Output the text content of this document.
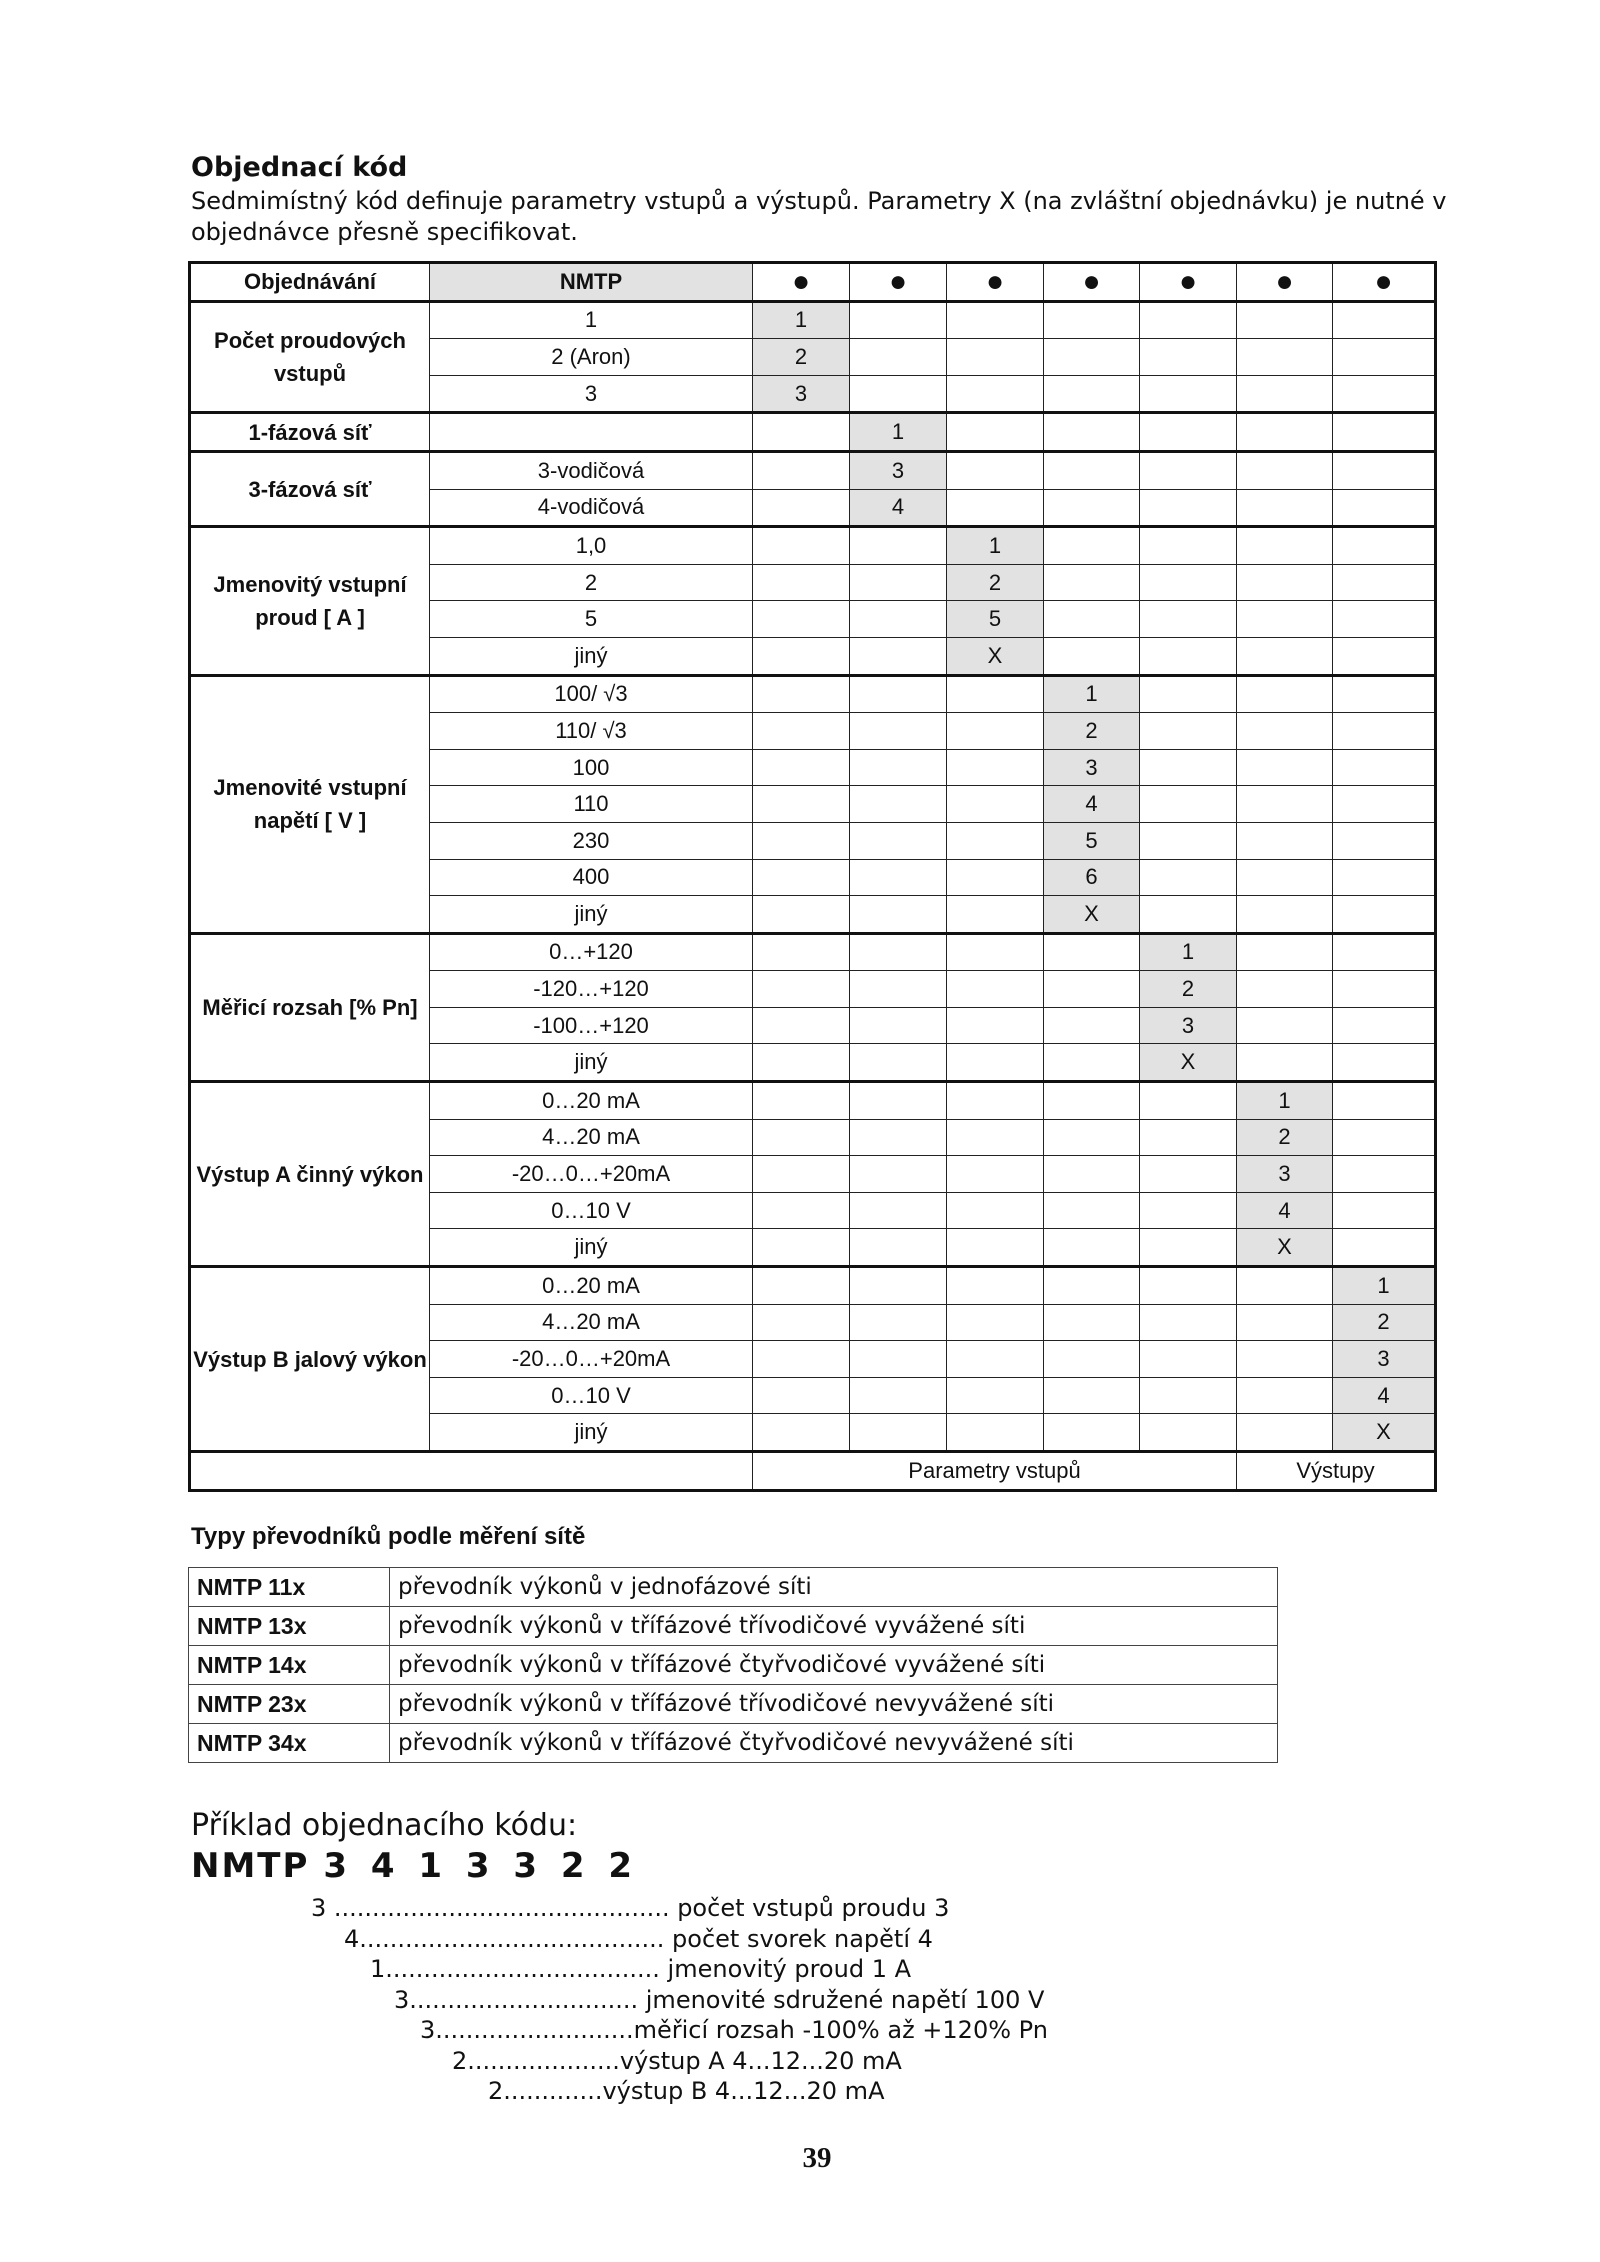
Objednací kód

Sedmimístný kód definuje parametry vstupů a výstupů. Parametry X (na zvláštní objednávku) je nutné v objednávce přesně specifikovat.

Objednávání	NMTP	●	●	●	●	●	●	●
Počet proudových vstupů	1	1						
	2 (Aron)	2						
	3	3						
1-fázová síť			1					
3-fázová síť	3-vodičová		3					
	4-vodičová		4					
Jmenovitý vstupní proud [ A ]	1,0			1				
	2			2				
	5			5				
	jiný			X				
Jmenovité vstupní napětí [ V ]	100/ √3				1			
	110/ √3				2			
	100				3			
	110				4			
	230				5			
	400				6			
	jiný				X			
Měřicí rozsah [% Pn]	0…+120					1		
	-120…+120					2		
	-100…+120					3		
	jiný					X		
Výstup A činný výkon	0…20 mA						1	
	4…20 mA						2	
	-20…0…+20mA						3	
	0…10 V						4	
	jiný						X	
Výstup B jalový výkon	0…20 mA							1
	4…20 mA							2
	-20…0…+20mA							3
	0…10 V							4
	jiný							X
		Parametry vstupů					Výstupy	

Typy převodníků podle měření sítě

NMTP 11x	převodník výkonů v jednofázové síti
NMTP 13x	převodník výkonů v třífázové třívodičové vyvážené síti
NMTP 14x	převodník výkonů v třífázové čtyřvodičové vyvážené síti
NMTP 23x	převodník výkonů v třífázové třívodičové nevyvážené síti
NMTP 34x	převodník výkonů v třífázové čtyřvodičové nevyvážené síti

Příklad objednacího kódu:

NMTP 3 4 1 3 3 2 2

3 ............................................ počet vstupů proudu 3
4........................................ počet svorek napětí 4
1.................................... jmenovitý proud 1 A
3.............................. jmenovité sdružené napětí 100 V
3..........................měřicí rozsah -100% až +120% Pn
2....................výstup A 4...12...20 mA
2.............výstup B 4...12...20 mA
39
